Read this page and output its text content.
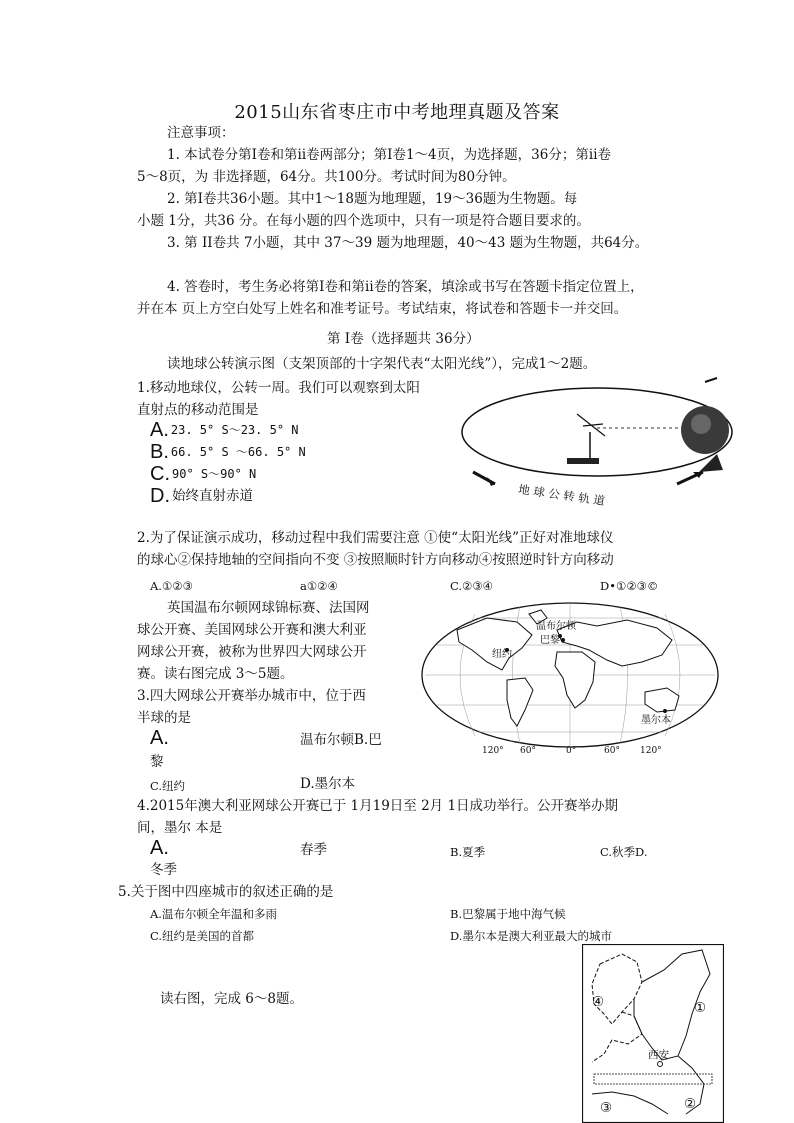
2015山东省枣庄市中考地理真题及答案
注意事项：
1. 本试卷分第Ⅰ卷和第ⅱ卷两部分；第Ⅰ卷1～4页，为选择题，36分；第ⅱ卷
5～8页，为 非选择题，64分。共100分。考试时间为80分钟。
2. 第Ⅰ卷共36小题。其中1～18题为地理题，19～36题为生物题。每
小题 1分，共36 分。在每小题的四个选项中，只有一项是符合题目要求的。
3. 第 II卷共 7小题，其中 37～39 题为地理题，40～43 题为生物题，共64分。
4. 答卷时，考生务必将第Ⅰ卷和第ⅱ卷的答案，填涂或书写在答题卡指定位置上，
并在本 页上方空白处写上姓名和准考证号。考试结束，将试卷和答题卡一并交回。
第 Ⅰ卷（选择题共 36分）
读地球公转演示图（支架顶部的十字架代表“太阳光线”），完成1～2题。
1.移动地球仪，公转一周。我们可以观察到太阳
直射点的移动范围是
A. 23. 5° S～23. 5° N
B. 66. 5° S ～66. 5° N
C. 90° S～90° N
D. 始终直射赤道	地 球 公 转 轨 道
2.为了保证演示成功，移动过程中我们需要注意 ①使“太阳光线”正好对准地球仪
的球心②保持地轴的空间指向不变 ③按照顺时针方向移动④按照逆时针方向移动
A.①②③	a①②④	C.②③④	D•①②③©
英国温布尔顿网球锦标赛、法国网
球公开赛、美国网球公开赛和澳大利亚
网球公开赛，被称为世界四大网球公开
赛。读右图完成 3～5题。
温布尔顿
巴黎
纽约
墨尔本
120° 60°	0°	60° 120°
3.四大网球公开赛举办城市中，位于西
半球的是
A.	温布尔顿B.巴
黎
C.纽约	D.墨尔本
4.2015年澳大利亚网球公开赛已于 1月19日至 2月 1日成功举行。公开赛举办期
间，墨尔 本是
A.	春季	B.夏季	C.秋季D.
冬季
5.关于图中四座城市的叙述正确的是
A.温布尔顿全年温和多雨	B.巴黎属于地中海气候
C.纽约是美国的首都	D.墨尔本是澳大利亚最大的城市
读右图，完成 6～8题。
①
②
③
④
西安
